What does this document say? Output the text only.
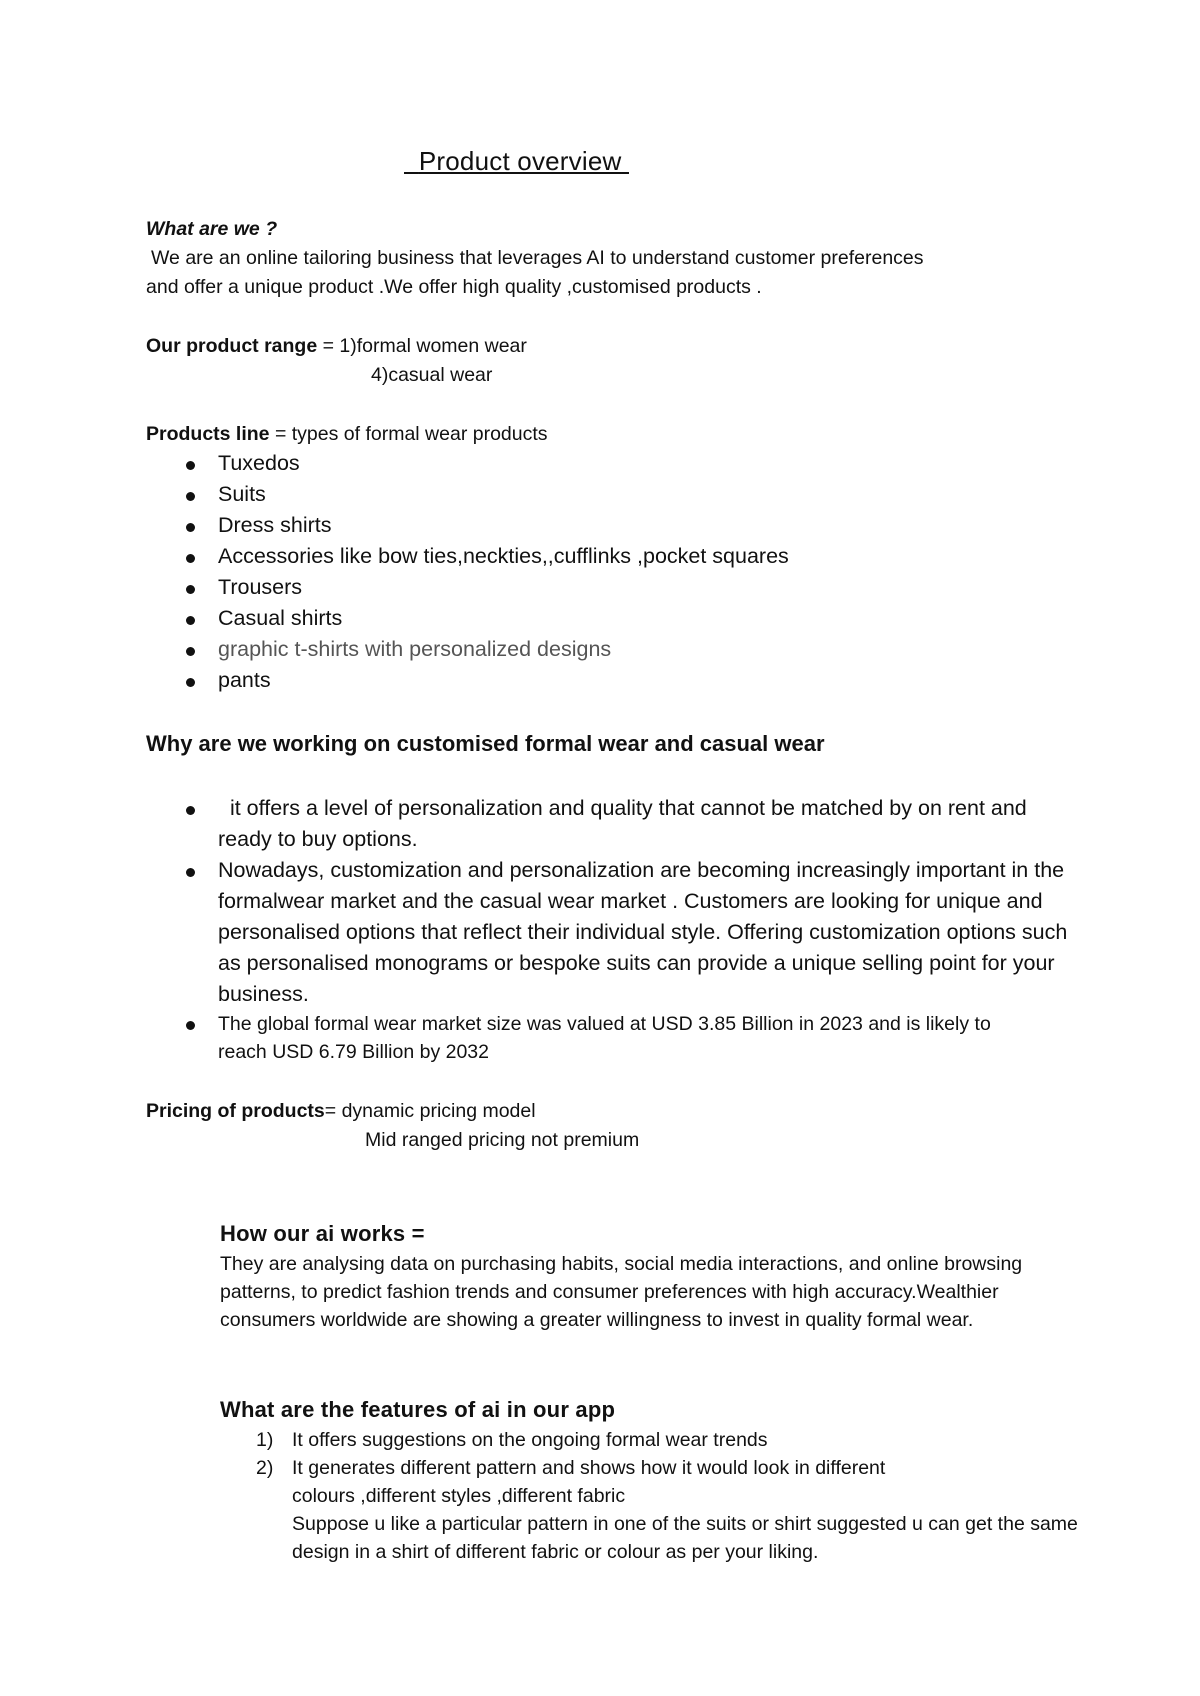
Product overview
What are we ?
We are an online tailoring business that leverages AI to understand customer preferences
and offer a unique product .We offer high quality ,customised products .
Our product range = 1)formal women wear
4)casual wear
Products line = types of formal wear products
Tuxedos
Suits
Dress shirts
Accessories like bow ties,neckties,,cufflinks ,pocket squares
Trousers
Casual shirts
graphic t-shirts with personalized designs
pants
Why are we working on customised formal wear and casual wear
it offers a level of personalization and quality that cannot be matched by on rent and ready to buy options.
Nowadays, customization and personalization are becoming increasingly important in the formalwear market and the casual wear market . Customers are looking for unique and personalised options that reflect their individual style. Offering customization options such as personalised monograms or bespoke suits can provide a unique selling point for your business.
The global formal wear market size was valued at USD 3.85 Billion in 2023 and is likely to reach USD 6.79 Billion by 2032
Pricing of products= dynamic pricing model
Mid ranged pricing not premium
How our ai works =
They are analysing data on purchasing habits, social media interactions, and online browsing patterns, to predict fashion trends and consumer preferences with high accuracy.Wealthier consumers worldwide are showing a greater willingness to invest in quality formal wear.
What are the features of ai in our app
1) It offers suggestions on the ongoing formal wear trends
2) It generates different pattern and shows how it would look in different colours ,different styles ,different fabric
Suppose u like a particular pattern in one of the suits or shirt suggested u can get the same design in a shirt of different fabric or colour as per your liking.
